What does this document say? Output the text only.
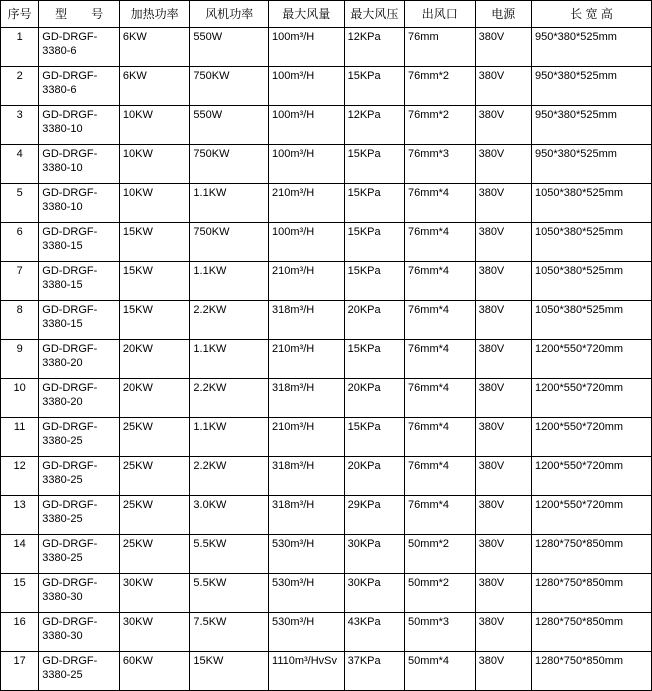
序号	型　　号	加热功率	风机功率	最大风量	最大风压	出风口	电源	长 宽 高
1	GD-DRGF-3380-6	6KW	550W	100m³/H	12KPa	76mm	380V	950*380*525mm
2	GD-DRGF-3380-6	6KW	750KW	100m³/H	15KPa	76mm*2	380V	950*380*525mm
3	GD-DRGF-3380-10	10KW	550W	100m³/H	12KPa	76mm*2	380V	950*380*525mm
4	GD-DRGF-3380-10	10KW	750KW	100m³/H	15KPa	76mm*3	380V	950*380*525mm
5	GD-DRGF-3380-10	10KW	1.1KW	210m³/H	15KPa	76mm*4	380V	1050*380*525mm
6	GD-DRGF-3380-15	15KW	750KW	100m³/H	15KPa	76mm*4	380V	1050*380*525mm
7	GD-DRGF-3380-15	15KW	1.1KW	210m³/H	15KPa	76mm*4	380V	1050*380*525mm
8	GD-DRGF-3380-15	15KW	2.2KW	318m³/H	20KPa	76mm*4	380V	1050*380*525mm
9	GD-DRGF-3380-20	20KW	1.1KW	210m³/H	15KPa	76mm*4	380V	1200*550*720mm
10	GD-DRGF-3380-20	20KW	2.2KW	318m³/H	20KPa	76mm*4	380V	1200*550*720mm
11	GD-DRGF-3380-25	25KW	1.1KW	210m³/H	15KPa	76mm*4	380V	1200*550*720mm
12	GD-DRGF-3380-25	25KW	2.2KW	318m³/H	20KPa	76mm*4	380V	1200*550*720mm
13	GD-DRGF-3380-25	25KW	3.0KW	318m³/H	29KPa	76mm*4	380V	1200*550*720mm
14	GD-DRGF-3380-25	25KW	5.5KW	530m³/H	30KPa	50mm*2	380V	1280*750*850mm
15	GD-DRGF-3380-30	30KW	5.5KW	530m³/H	30KPa	50mm*2	380V	1280*750*850mm
16	GD-DRGF-3380-30	30KW	7.5KW	530m³/H	43KPa	50mm*3	380V	1280*750*850mm
17	GD-DRGF-3380-25	60KW	15KW	1110m³/HvSv	37KPa	50mm*4	380V	1280*750*850mm
